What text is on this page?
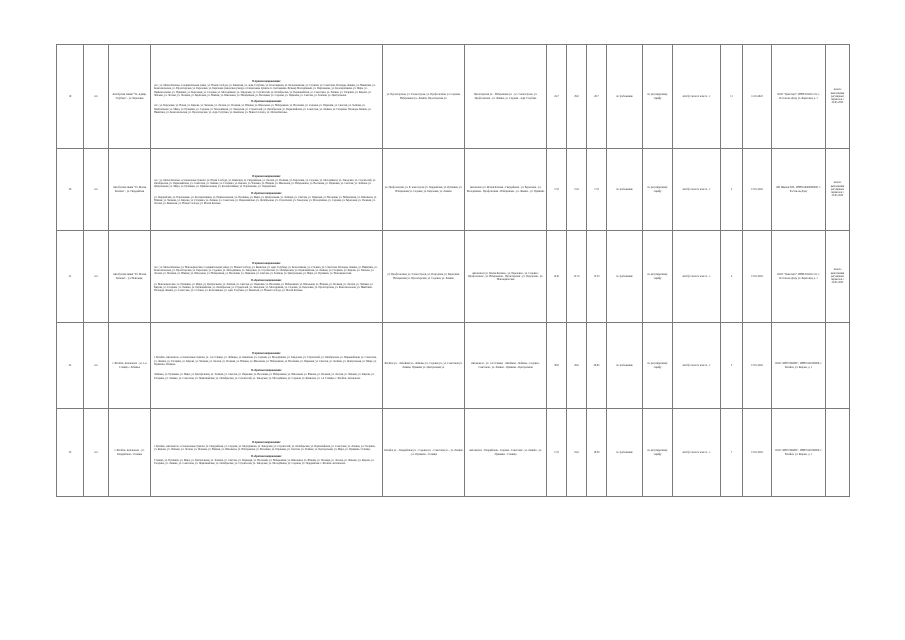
19	п/а	Автобусная линия "Ул. Адмир. Голубева" - ул. Березовая	В прямом направлении:
А.С. ул. Малая Казачья, Соединительная улица, ул. Новая Слобода, ул. Киевская, ул. Адм. Голубева, ул. Колесникова, ул. Бальзаковская, ул. Сталина, ул. Советская, Площадь Ленина, ул. Никитина, ул. Комсомольская, ул. Пролетарская, ул. Березовая, ул. Берёзовая (заводская улица), остановочные пункты по требованию. Бульвар Молодёжный, ул. Пархоменко, ул. Кооперативная, ул. Мира, ул. Привокзальная, ул. Пушкина, ул. Березовая, ул. Садовая, ул. Молодёжная, ул. Заводская, ул. Строителей, ул. Октябрьская, ул. Первомайская, ул. Советская, ул. Ленина, ул. Гагарина, ул. Кирова, ул. Чапаева, ул. Лесная, ул. Полевая, ул. Берёзовая, ул. Южная, ул. Школьная, ул. Набережная, ул. Весенняя, ул. Садовая, ул. Парковая, ул. Светлая, ул. Зелёная, ул. Центральная.
В обратном направлении:
А.С. ул. Березовая, ул. Новая, ул. Кирова, ул. Чапаева, ул. Лесная, ул. Полевая, ул. Южная, ул. Школьная, ул. Набережная, ул. Весенняя, ул. Садовая, ул. Парковая, ул. Светлая, ул. Зелёная, ул. Центральная, ул. Мира, ул. Пушкина, ул. Садовая, ул. Молодёжная, ул. Заводская, ул. Строителей, ул. Октябрьская, ул. Первомайская, ул. Советская, ул. Ленина, ул. Гагарина, Площадь Ленина, ул. Никитина, ул. Комсомольская, ул. Пролетарская, ул. Адм. Голубева, ул. Киевская, ул. Новая Слобода, ул. Малая Казачья.	ул. Пролетарская, ул. 3 новостроек, ул. Профсоюзная, ул. Садовая, Набережная ул., Ленина, Пролетарская ул.	Пролетарская ул. - Набережная ул. - ул. 3 новостроек, ул. Профсоюзная - ул. Ленина, ул. Садовая - Адм. Голубева	24,7	29,0	26,7	по требованию	по регулируемому тарифу	автобус малого класса - 1	11	11.01.2022	ООО "Транспорт", ИНН 6164111111, г. Ростов-на-Дону, ул. Береговая, д. 1	начало выполнения регулярных перевозок с 20.01.2022
20	п/а	Автобусная линия "Ул. Малая Казачья" - ул. Гвардейская	В прямом направлении:
А.С. ул. Малая Казачья, остановочные пункты: ул. Новая Слобода, ул. Киевская, ул. Гвардейская, ул. Лесная, ул. Полевая, ул. Березовая, ул. Садовая, ул. Молодёжная, ул. Заводская, ул. Строителей, ул. Октябрьская, ул. Первомайская, ул. Советская, ул. Ленина, ул. Гагарина, ул. Кирова, ул. Чапаева, ул. Южная, ул. Школьная, ул. Набережная, ул. Весенняя, ул. Парковая, ул. Светлая, ул. Зелёная, ул. Центральная, ул. Мира, ул. Пушкина, ул. Привокзальная, ул. Кооперативная, ул. Пархоменко, ул. Гвардейская.
В обратном направлении:
ул. Гвардейская, ул. Пархоменко, ул. Кооперативная, ул. Привокзальная, ул. Пушкина, ул. Мира, ул. Центральная, ул. Зелёная, ул. Светлая, ул. Парковая, ул. Весенняя, ул. Набережная, ул. Школьная, ул. Южная, ул. Чапаева, ул. Кирова, ул. Гагарина, ул. Ленина, ул. Советская, ул. Первомайская, ул. Октябрьская, ул. Строителей, ул. Заводская, ул. Молодёжная, ул. Садовая, ул. Березовая, ул. Полевая, ул. Лесная, ул. Киевская, ул. Новая Слобода, ул. Малая Казачья.	ул. Профсоюзная, ул. Б. новостроек ул. Гвардейская, ул. Пушкина, ул. Набережная ул. Садовая, ул. Березовая, ул. Ленина	Автовокзал ул. Малая Казачья - Гвардейская - ул. Березовая - ул. Молодёжная - Профсоюзная - Набережная - ул. Ленина - ул. Пушкина	17,6	15,0	17,9	по требованию	по регулируемому тарифу	автобус малого класса - 1	2	15.01.2022	ИП Иванов И.И., ИНН 616400000000, г. Ростов-на-Дону	начало выполнения регулярных перевозок с 20.01.2022
21	п/а	Автобусная линия "Ул. Малая Казачья" - ул. Новочерк.	В прямом направлении:
А.С. ул. Малая Казачья, ул. Новочеркасская, Соединительная улица, ул. Новая Слобода, ул. Киевская, ул. Адм. Голубева, ул. Колесникова, ул. Сталина, ул. Советская, Площадь Ленина, ул. Никитина, ул. Комсомольская, ул. Пролетарская, ул. Березовая, ул. Садовая, ул. Молодёжная, ул. Заводская, ул. Строителей, ул. Октябрьская, ул. Первомайская, ул. Ленина, ул. Гагарина, ул. Кирова, ул. Чапаева, ул. Лесная, ул. Полевая, ул. Южная, ул. Школьная, ул. Набережная, ул. Весенняя, ул. Парковая, ул. Светлая, ул. Зелёная, ул. Центральная, ул. Мира, ул. Пушкина, ул. Новочеркасская.
В обратном направлении:
ул. Новочеркасская, ул. Пушкина, ул. Мира, ул. Центральная, ул. Зелёная, ул. Светлая, ул. Парковая, ул. Весенняя, ул. Набережная, ул. Школьная, ул. Южная, ул. Полевая, ул. Лесная, ул. Чапаева, ул. Кирова, ул. Гагарина, ул. Ленина, ул. Первомайская, ул. Октябрьская, ул. Строителей, ул. Заводская, ул. Молодёжная, ул. Садовая, ул. Березовая, ул. Пролетарская, ул. Комсомольская, ул. Никитина, Площадь Ленина, ул. Советская, ул. Сталина, ул. Колесникова, ул. Адм. Голубева, ул. Киевская, ул. Новая Слобода, ул. Малая Казачья.	ул. Профсоюзная, ул. 3 новостроек, ул. Подгорная, ул. Березовая, Набережная ул. Пролетарская, ул. Садовая, ул. Ленина	Автовокзал ул. Малая Казачья - ул. Березовая - ул. Садовая - Профсоюзная - ул. Набережная - Пролетарская - ул. Подгорная - ул. Новочеркасская	14,31	12,74	13,53	по требованию	по регулируемому тарифу	автобус малого класса - 1	4	15.01.2022	ООО "Транспорт", ИНН 6164111111, г. Ростов-на-Дону, ул. Береговая, д. 1	начало выполнения регулярных перевозок с 20.01.2022
22	п/а	г. Батайск, Автовокзал - ул. 1-я Станица - Лебяжье	В прямом направлении:
г. Батайск, Автовокзал, остановочные пункты: ул. 1-я Станица, ул. Лебяжье, ул. Киевская, ул. Садовая, ул. Молодёжная, ул. Заводская, ул. Строителей, ул. Октябрьская, ул. Первомайская, ул. Советская, ул. Ленина, ул. Гагарина, ул. Кирова, ул. Чапаева, ул. Лесная, ул. Полевая, ул. Южная, ул. Школьная, ул. Набережная, ул. Весенняя, ул. Парковая, ул. Светлая, ул. Зелёная, ул. Центральная, ул. Мира, ул. Пушкина, Лебяжье.
В обратном направлении:
Лебяжье, ул. Пушкина, ул. Мира, ул. Центральная, ул. Зелёная, ул. Светлая, ул. Парковая, ул. Весенняя, ул. Набережная, ул. Школьная, ул. Южная, ул. Полевая, ул. Лесная, ул. Чапаева, ул. Кирова, ул. Гагарина, ул. Ленина, ул. Советская, ул. Первомайская, ул. Октябрьская, ул. Строителей, ул. Заводская, ул. Молодёжная, ул. Садовая, ул. Киевская, ул. 1-я Станица, г. Батайск, Автовокзал.	Батайск ул. - Литейная ул., Лебяжье ул., Садовая ул., ул. Советская ул. Ленина, Пушкина ул. Центральная ул.	Автовокзал - ул. 1-я Станица - Литейная - Лебяжье - Садовая - Советская - ул. Ленина - Пушкина - Центральная	30,8	29,0	29,95	по требованию	по регулируемому тарифу	автобус малого класса - 1	3	15.01.2022	ООО "АВТОТРАНС", ИНН 6141000000, г. Батайск, ул. Кирова, д. 1	
23	п/а	г. Батайск, Автовокзал - ул. Гвардейская - Станица	В прямом направлении:
г. Батайск, Автовокзал, остановочные пункты: ул. Гвардейская, ул. Садовая, ул. Молодёжная, ул. Заводская, ул. Строителей, ул. Октябрьская, ул. Первомайская, ул. Советская, ул. Ленина, ул. Гагарина, ул. Кирова, ул. Чапаева, ул. Лесная, ул. Полевая, ул. Южная, ул. Школьная, ул. Набережная, ул. Весенняя, ул. Парковая, ул. Светлая, ул. Зелёная, ул. Центральная, ул. Мира, ул. Пушкина, Станица.
В обратном направлении:
Станица, ул. Пушкина, ул. Мира, ул. Центральная, ул. Зелёная, ул. Светлая, ул. Парковая, ул. Весенняя, ул. Набережная, ул. Школьная, ул. Южная, ул. Полевая, ул. Лесная, ул. Чапаева, ул. Кирова, ул. Гагарина, ул. Ленина, ул. Советская, ул. Первомайская, ул. Октябрьская, ул. Строителей, ул. Заводская, ул. Молодёжная, ул. Садовая, ул. Гвардейская, г. Батайск, Автовокзал.	Батайск ул. - Гвардейская ул. - Садовая ул. - Советская ул. - ул. Ленина - ул. Пушкина - Станица	Автовокзал - Гвардейская - Садовая - Советская - ул. Ленина - ул. Пушкина - Станица	17,6	19,0	18,30	по требованию	по регулируемому тарифу	автобус малого класса - 1	7	15.01.2022	ООО "АВТОТРАНС", ИНН 6141000000, г. Батайск, ул. Кирова, д. 1	
